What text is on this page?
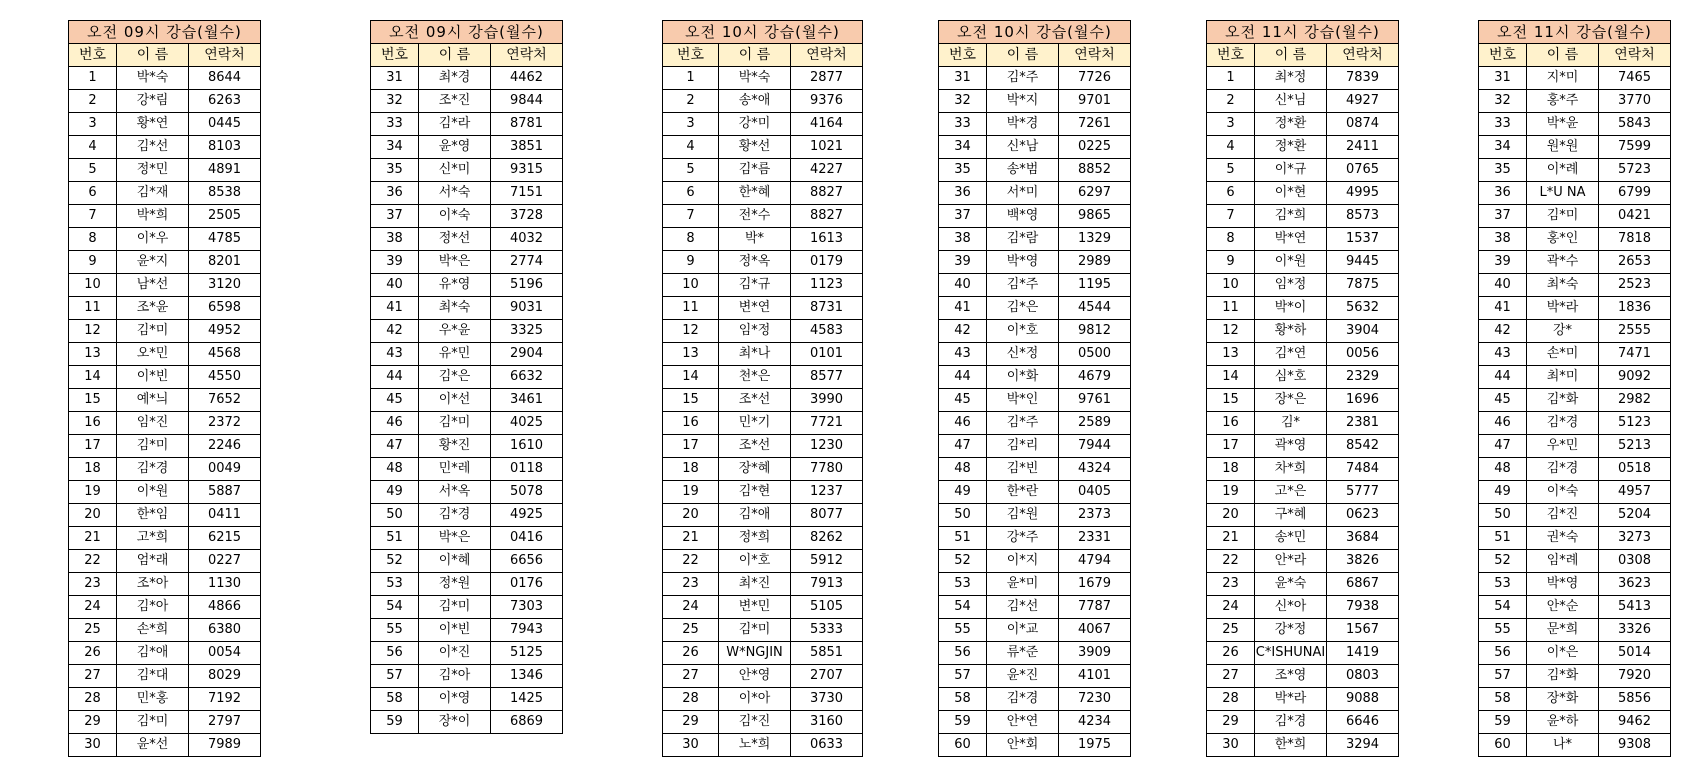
오전 09시 강습(월수)		
번호	이 름	연락처
1	박*숙	8644
2	강*림	6263
3	황*연	0445
4	김*선	8103
5	정*민	4891
6	김*재	8538
7	박*희	2505
8	이*우	4785
9	윤*지	8201
10	남*선	3120
11	조*윤	6598
12	김*미	4952
13	오*민	4568
14	이*빈	4550
15	예*늬	7652
16	임*진	2372
17	김*미	2246
18	김*경	0049
19	이*원	5887
20	한*임	0411
21	고*희	6215
22	엄*래	0227
23	조*아	1130
24	김*아	4866
25	손*희	6380
26	김*애	0054
27	김*대	8029
28	민*홍	7192
29	김*미	2797
30	윤*선	7989
오전 09시 강습(월수)		
번호	이 름	연락처
31	최*경	4462
32	조*진	9844
33	김*라	8781
34	윤*영	3851
35	신*미	9315
36	서*숙	7151
37	이*숙	3728
38	정*선	4032
39	박*은	2774
40	유*영	5196
41	최*숙	9031
42	우*윤	3325
43	유*민	2904
44	김*은	6632
45	이*선	3461
46	김*미	4025
47	황*진	1610
48	민*레	0118
49	서*옥	5078
50	김*경	4925
51	박*은	0416
52	이*혜	6656
53	정*원	0176
54	김*미	7303
55	이*빈	7943
56	이*진	5125
57	김*아	1346
58	이*영	1425
59	장*이	6869
오전 10시 강습(월수)		
번호	이 름	연락처
1	박*숙	2877
2	송*애	9376
3	강*미	4164
4	황*선	1021
5	김*름	4227
6	한*혜	8827
7	전*수	8827
8	박*	1613
9	정*옥	0179
10	김*규	1123
11	변*연	8731
12	임*정	4583
13	최*나	0101
14	천*은	8577
15	조*선	3990
16	민*기	7721
17	조*선	1230
18	장*혜	7780
19	김*현	1237
20	김*애	8077
21	정*희	8262
22	이*호	5912
23	최*진	7913
24	변*민	5105
25	김*미	5333
26	W*NGJIN	5851
27	안*영	2707
28	이*아	3730
29	김*진	3160
30	노*희	0633
오전 10시 강습(월수)		
번호	이 름	연락처
31	김*주	7726
32	박*지	9701
33	박*경	7261
34	신*남	0225
35	송*범	8852
36	서*미	6297
37	백*영	9865
38	김*람	1329
39	박*영	2989
40	김*주	1195
41	김*은	4544
42	이*호	9812
43	신*정	0500
44	이*화	4679
45	박*인	9761
46	김*주	2589
47	김*리	7944
48	김*빈	4324
49	한*란	0405
50	김*원	2373
51	강*주	2331
52	이*지	4794
53	윤*미	1679
54	김*선	7787
55	이*교	4067
56	류*준	3909
57	윤*진	4101
58	김*경	7230
59	안*연	4234
60	안*회	1975
오전 11시 강습(월수)		
번호	이 름	연락처
1	최*정	7839
2	신*님	4927
3	정*환	0874
4	정*환	2411
5	이*규	0765
6	이*현	4995
7	김*희	8573
8	박*연	1537
9	이*원	9445
10	임*정	7875
11	박*이	5632
12	황*하	3904
13	김*연	0056
14	심*호	2329
15	장*은	1696
16	김*	2381
17	곽*영	8542
18	차*희	7484
19	고*은	5777
20	구*혜	0623
21	송*민	3684
22	안*라	3826
23	윤*숙	6867
24	신*아	7938
25	강*정	1567
26	C*ISHUNAI	1419
27	조*영	0803
28	박*라	9088
29	김*경	6646
30	한*희	3294
오전 11시 강습(월수)		
번호	이 름	연락처
31	지*미	7465
32	홍*주	3770
33	박*윤	5843
34	원*원	7599
35	이*례	5723
36	L*U NA	6799
37	김*미	0421
38	홍*인	7818
39	곽*수	2653
40	최*숙	2523
41	박*라	1836
42	강*	2555
43	손*미	7471
44	최*미	9092
45	김*화	2982
46	김*경	5123
47	우*민	5213
48	김*경	0518
49	이*숙	4957
50	김*진	5204
51	권*숙	3273
52	임*례	0308
53	박*영	3623
54	안*순	5413
55	문*희	3326
56	이*은	5014
57	김*화	7920
58	장*화	5856
59	윤*하	9462
60	나*	9308
